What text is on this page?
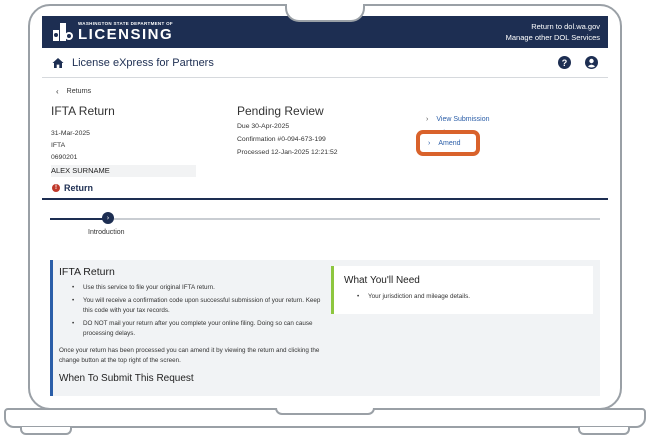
WASHINGTON STATE DEPARTMENT OF
LICENSING	Return to dol.wa.gov
Manage other DOL Services
License eXpress for Partners	?
‹ Returns
IFTA Return
31-Mar-2025
IFTA
0690201
ALEX SURNAME
Pending Review
Due 30-Apr-2025
Confirmation #0-094-673-199
Processed 12-Jan-2025 12:21:52
› View Submission
› Amend
! Return
›
Introduction
IFTA Return
• Use this service to file your original IFTA return.
• You will receive a confirmation code upon successful submission of your return. Keep this code with your tax records.
• DO NOT mail your return after you complete your online filing. Doing so can cause processing delays.

Once your return has been processed you can amend it by viewing the return and clicking the change button at the top right of the screen.

When To Submit This Request
What You'll Need
• Your jurisdiction and mileage details.
